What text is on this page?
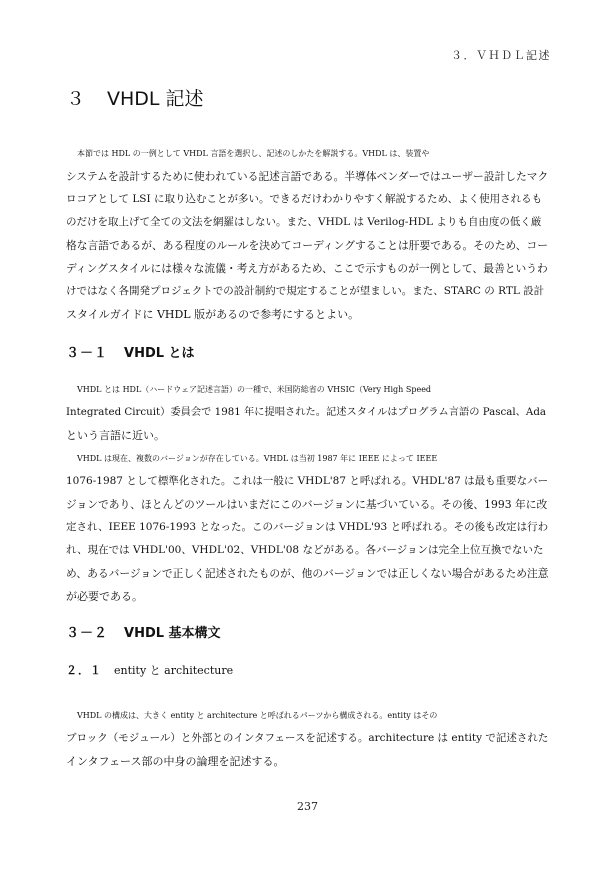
３．ＶＨＤＬ記述
３ VHDL 記述
本節では HDL の一例として VHDL 言語を選択し、記述のしかたを解説する。VHDL は、装置や
システムを設計するために使われている記述言語である。半導体ベンダーではユーザー設計したマク
ロコアとして LSI に取り込むことが多い。できるだけわかりやすく解説するため、よく使用されるも
のだけを取上げて全ての文法を網羅はしない。また、VHDL は Verilog-HDL よりも自由度の低く厳
格な言語であるが、ある程度のルールを決めてコーディングすることは肝要である。そのため、コー
ディングスタイルには様々な流儀・考え方があるため、ここで示すものが一例として、最善というわ
けではなく各開発プロジェクトでの設計制約で規定することが望ましい。また、STARC の RTL 設計
スタイルガイドに VHDL 版があるので参考にするとよい。
３－１ VHDL とは
VHDL とは HDL（ハードウェア記述言語）の一種で、米国防総省の VHSIC（Very High Speed
Integrated Circuit）委員会で 1981 年に提唱された。記述スタイルはプログラム言語の Pascal、Ada
という言語に近い。
VHDL は現在、複数のバージョンが存在している。VHDL は当初 1987 年に IEEE によって IEEE
1076-1987 として標準化された。これは一般に VHDL'87 と呼ばれる。VHDL'87 は最も重要なバー
ジョンであり、ほとんどのツールはいまだにこのバージョンに基づいている。その後、1993 年に改
定され、IEEE 1076-1993 となった。このバージョンは VHDL'93 と呼ばれる。その後も改定は行わ
れ、現在では VHDL'00、VHDL'02、VHDL'08 などがある。各バージョンは完全上位互換でないた
め、あるバージョンで正しく記述されたものが、他のバージョンでは正しくない場合があるため注意
が必要である。
３－２ VHDL 基本構文
２．１ entity と architecture
VHDL の構成は、大きく entity と architecture と呼ばれるパーツから構成される。entity はその
ブロック（モジュール）と外部とのインタフェースを記述する。architecture は entity で記述された
インタフェース部の中身の論理を記述する。
237
